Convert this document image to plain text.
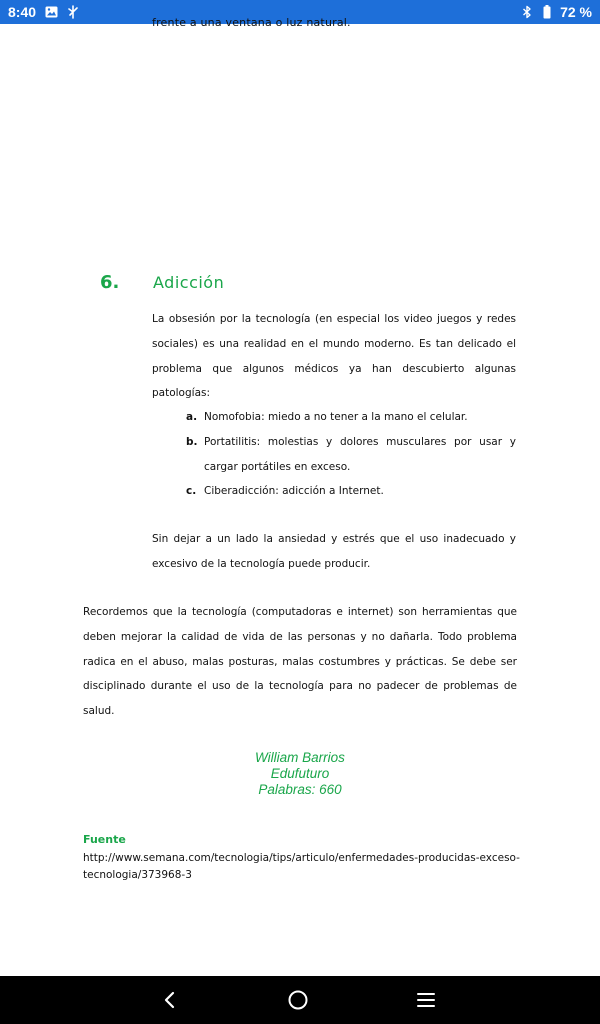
8:40	72 %
frente a una ventana o luz natural.
6.	Adicción

La obsesión por la tecnología (en especial los video juegos y redes sociales) es una realidad en el mundo moderno. Es tan delicado el problema que algunos médicos ya han descubierto algunas patologías:

a. Nomofobia: miedo a no tener a la mano el celular.
b. Portatilitis: molestias y dolores musculares por usar y cargar portátiles en exceso.
c. Ciberadicción: adicción a Internet.

Sin dejar a un lado la ansiedad y estrés que el uso inadecuado y excesivo de la tecnología puede producir.

Recordemos que la tecnología (computadoras e internet) son herramientas que deben mejorar la calidad de vida de las personas y no dañarla. Todo problema radica en el abuso, malas posturas, malas costumbres y prácticas. Se debe ser disciplinado durante el uso de la tecnología para no padecer de problemas de salud.

William Barrios
Edufuturo
Palabras: 660
Fuente
http://www.semana.com/tecnologia/tips/articulo/enfermedades-producidas-exceso-tecnologia/373968-3
